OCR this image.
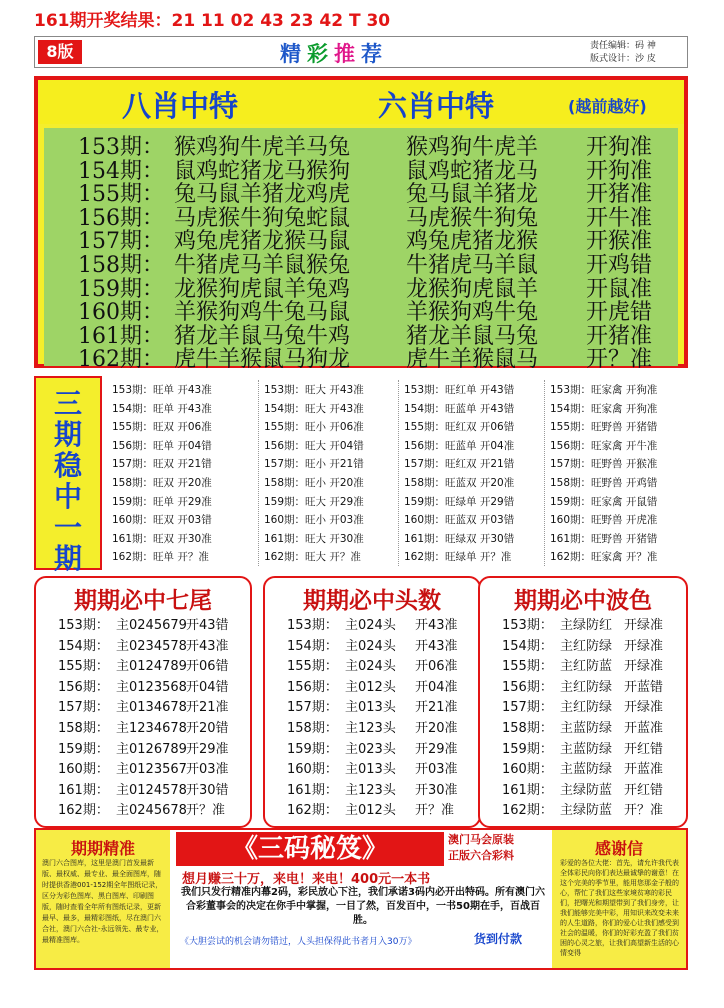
161期开奖结果：21 11 02 43 23 42 T 30
8版	精 彩 推 荐	责任编辑：码 神
版式设计：沙 皮
八肖中特	六肖中特	(越前越好)
153期： 猴鸡狗牛虎羊马兔	猴鸡狗牛虎羊 开狗准
154期： 鼠鸡蛇猪龙马猴狗	鼠鸡蛇猪龙马 开狗准
155期： 兔马鼠羊猪龙鸡虎	兔马鼠羊猪龙 开猪准
156期： 马虎猴牛狗兔蛇鼠	马虎猴牛狗兔 开牛准
157期： 鸡兔虎猪龙猴马鼠	鸡兔虎猪龙猴 开猴准
158期： 牛猪虎马羊鼠猴兔	牛猪虎马羊鼠 开鸡错
159期： 龙猴狗虎鼠羊兔鸡	龙猴狗虎鼠羊 开鼠准
160期： 羊猴狗鸡牛兔马鼠	羊猴狗鸡牛兔 开虎错
161期： 猪龙羊鼠马兔牛鸡	猪龙羊鼠马兔 开猪准
162期： 虎牛羊猴鼠马狗龙	虎牛羊猴鼠马 开？准
三
期
稳
中
一
期
153期：旺单 开43准
154期：旺单 开43准
155期：旺双 开06准
156期：旺单 开04错
157期：旺双 开21错
158期：旺双 开20准
159期：旺单 开29准
160期：旺双 开03错
161期：旺双 开30准
162期：旺单 开？准
153期：旺大 开43准
154期：旺大 开43准
155期：旺小 开06准
156期：旺大 开04错
157期：旺小 开21错
158期：旺小 开20准
159期：旺大 开29准
160期：旺小 开03准
161期：旺大 开30准
162期：旺大 开？准
153期：旺红单 开43错
154期：旺蓝单 开43错
155期：旺红双 开06错
156期：旺蓝单 开04准
157期：旺红双 开21错
158期：旺蓝双 开20准
159期：旺绿单 开29错
160期：旺蓝双 开03错
161期：旺绿双 开30错
162期：旺绿单 开？准
153期：旺家禽 开狗准
154期：旺家禽 开狗准
155期：旺野兽 开猪错
156期：旺家禽 开牛准
157期：旺野兽 开猴准
158期：旺野兽 开鸡错
159期：旺家禽 开鼠错
160期：旺野兽 开虎准
161期：旺野兽 开猪错
162期：旺家禽 开？准
期期必中七尾
153期： 主0245679 开43错
154期： 主0234578 开43准
155期： 主0124789 开06错
156期： 主0123568 开04错
157期： 主0134678 开21准
158期： 主1234678 开20错
159期： 主0126789 开29准
160期： 主0123567 开03准
161期： 主0124578 开30错
162期： 主0245678 开？准
期期必中头数
153期： 主024头 开43准
154期： 主024头 开43准
155期： 主024头 开06准
156期： 主012头 开04准
157期： 主013头 开21准
158期： 主123头 开20准
159期： 主023头 开29准
160期： 主013头 开03准
161期： 主123头 开30准
162期： 主012头 开？准
期期必中波色
153期： 主绿防红 开绿准
154期： 主红防绿 开绿准
155期： 主红防蓝 开绿准
156期： 主红防绿 开蓝错
157期： 主红防绿 开绿准
158期： 主蓝防绿 开蓝准
159期： 主蓝防绿 开红错
160期： 主蓝防绿 开蓝准
161期： 主绿防蓝 开红错
162期： 主绿防蓝 开？准
期期精准
澳门六合图库，这里是澳门首发最新版、最权威、最专业、最全面图库，随时提供香港001-152期全年图纸记录，区分为彩色图库、黑白图库、印刷图版，随时查看全年所有图纸记录，更新最早、最多，最精彩图纸，尽在澳门六合社，澳门六合社-永远领先、最专业，最精准图库。
《三码秘笈》	澳门马会原装
正版六合彩料
想月赚三十万，来电！来电！400元一本书
我们只发行精准内幕2码，彩民放心下注，我们承诺3码内必开出特码。所有澳门六合彩董事会的决定在你手中掌握，一目了然，百发百中，一书50期在手，百战百胜。
《大胆尝试的机会请勿错过，人头担保得此书者月入30万》	货到付款
感谢信
彩爱的各位大佬：首先，请允许我代表全体彩民向你们表达最诚挚的谢意！在这个完美的季节里，能用您那金子般的心，帮忙了我们这些家境贫寒的彩民们，把曙光和期望带到了我们身旁，让我们能够完美中彩，用知识来改变未来的人生道路，你们的爱心让我们感受到社会的温暖，你们的好彩充盈了我们贫困的心灵之旅，让我们高望新生活的心情变得
